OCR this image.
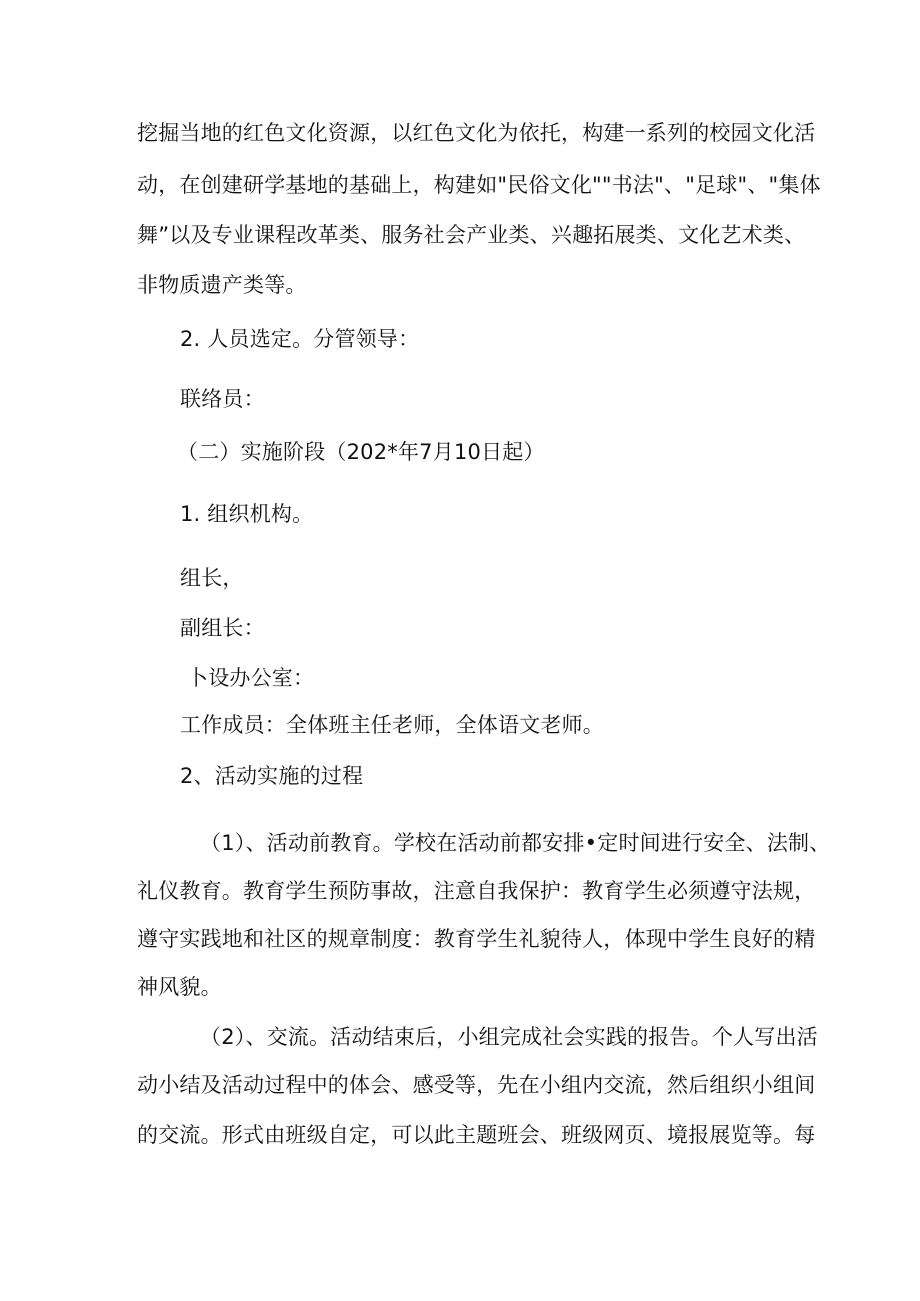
挖掘当地的红色文化资源，以红色文化为依托，构建一系列的校园文化活
动，在创建研学基地的基础上，构建如"民俗文化""书法"、"足球"、"集体
舞”以及专业课程改革类、服务社会产业类、兴趣拓展类、文化艺术类、
非物质遗产类等。
2. 人员选定。分管领导：
联络员：
（二）实施阶段（202*年7月10日起）
1. 组织机构。
组长，
副组长：
卜设办公室：
工作成员：全体班主任老师，全体语文老师。
2、活动实施的过程
（1）、活动前教育。学校在活动前都安排•定时间进行安全、法制、
礼仪教育。教育学生预防事故，注意自我保护：教育学生必须遵守法规，
遵守实践地和社区的规章制度：教育学生礼貌待人，体现中学生良好的精
神风貌。
（2）、交流。活动结束后，小组完成社会实践的报告。个人写出活
动小结及活动过程中的体会、感受等，先在小组内交流，然后组织小组间
的交流。形式由班级自定，可以此主题班会、班级网页、境报展览等。每
